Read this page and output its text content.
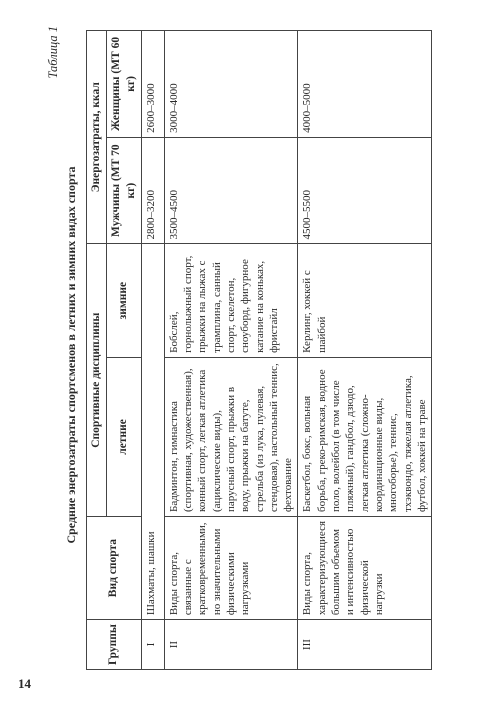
14
Таблица 1
Средние энергозатраты спортсменов в летних и зимних видах спорта
Группы	Вид спорта	Спортивные дисциплины		Энергозатраты, ккал	
		летние	зимние	Мужчины (МТ 70 кг)	Женщины (МТ 60 кг)
I	Шахматы, шашки			2800–3200	2600–3000
II	Виды спорта, связанные с кратковременными, но значительными физическими нагрузками	Бадминтон, гимнастика (спортивная, художественная), конный спорт, легкая атлетика (ациклические виды), парусный спорт, прыжки в воду, прыжки на батуте, стрельба (из лука, пулевая, стендовая), настольный теннис, фехтование	Бобслей, горнолыжный спорт, прыжки на лыжах с трамплина, санный спорт, скелетон, сноуборд, фигурное катание на коньках, фристайл	3500–4500	3000–4000
III	Виды спорта, характеризующиеся большим объемом и интенсивностью физической нагрузки	Баскетбол, бокс, вольная борьба, греко-римская, водное поло, волейбол (в том числе пляжный), гандбол, дзюдо, легкая атлетика (сложно-координационные виды, многоборье), теннис, тхэквондо, тяжелая атлетика, футбол, хоккей на траве	Керлинг, хоккей с шайбой	4500–5500	4000–5000
